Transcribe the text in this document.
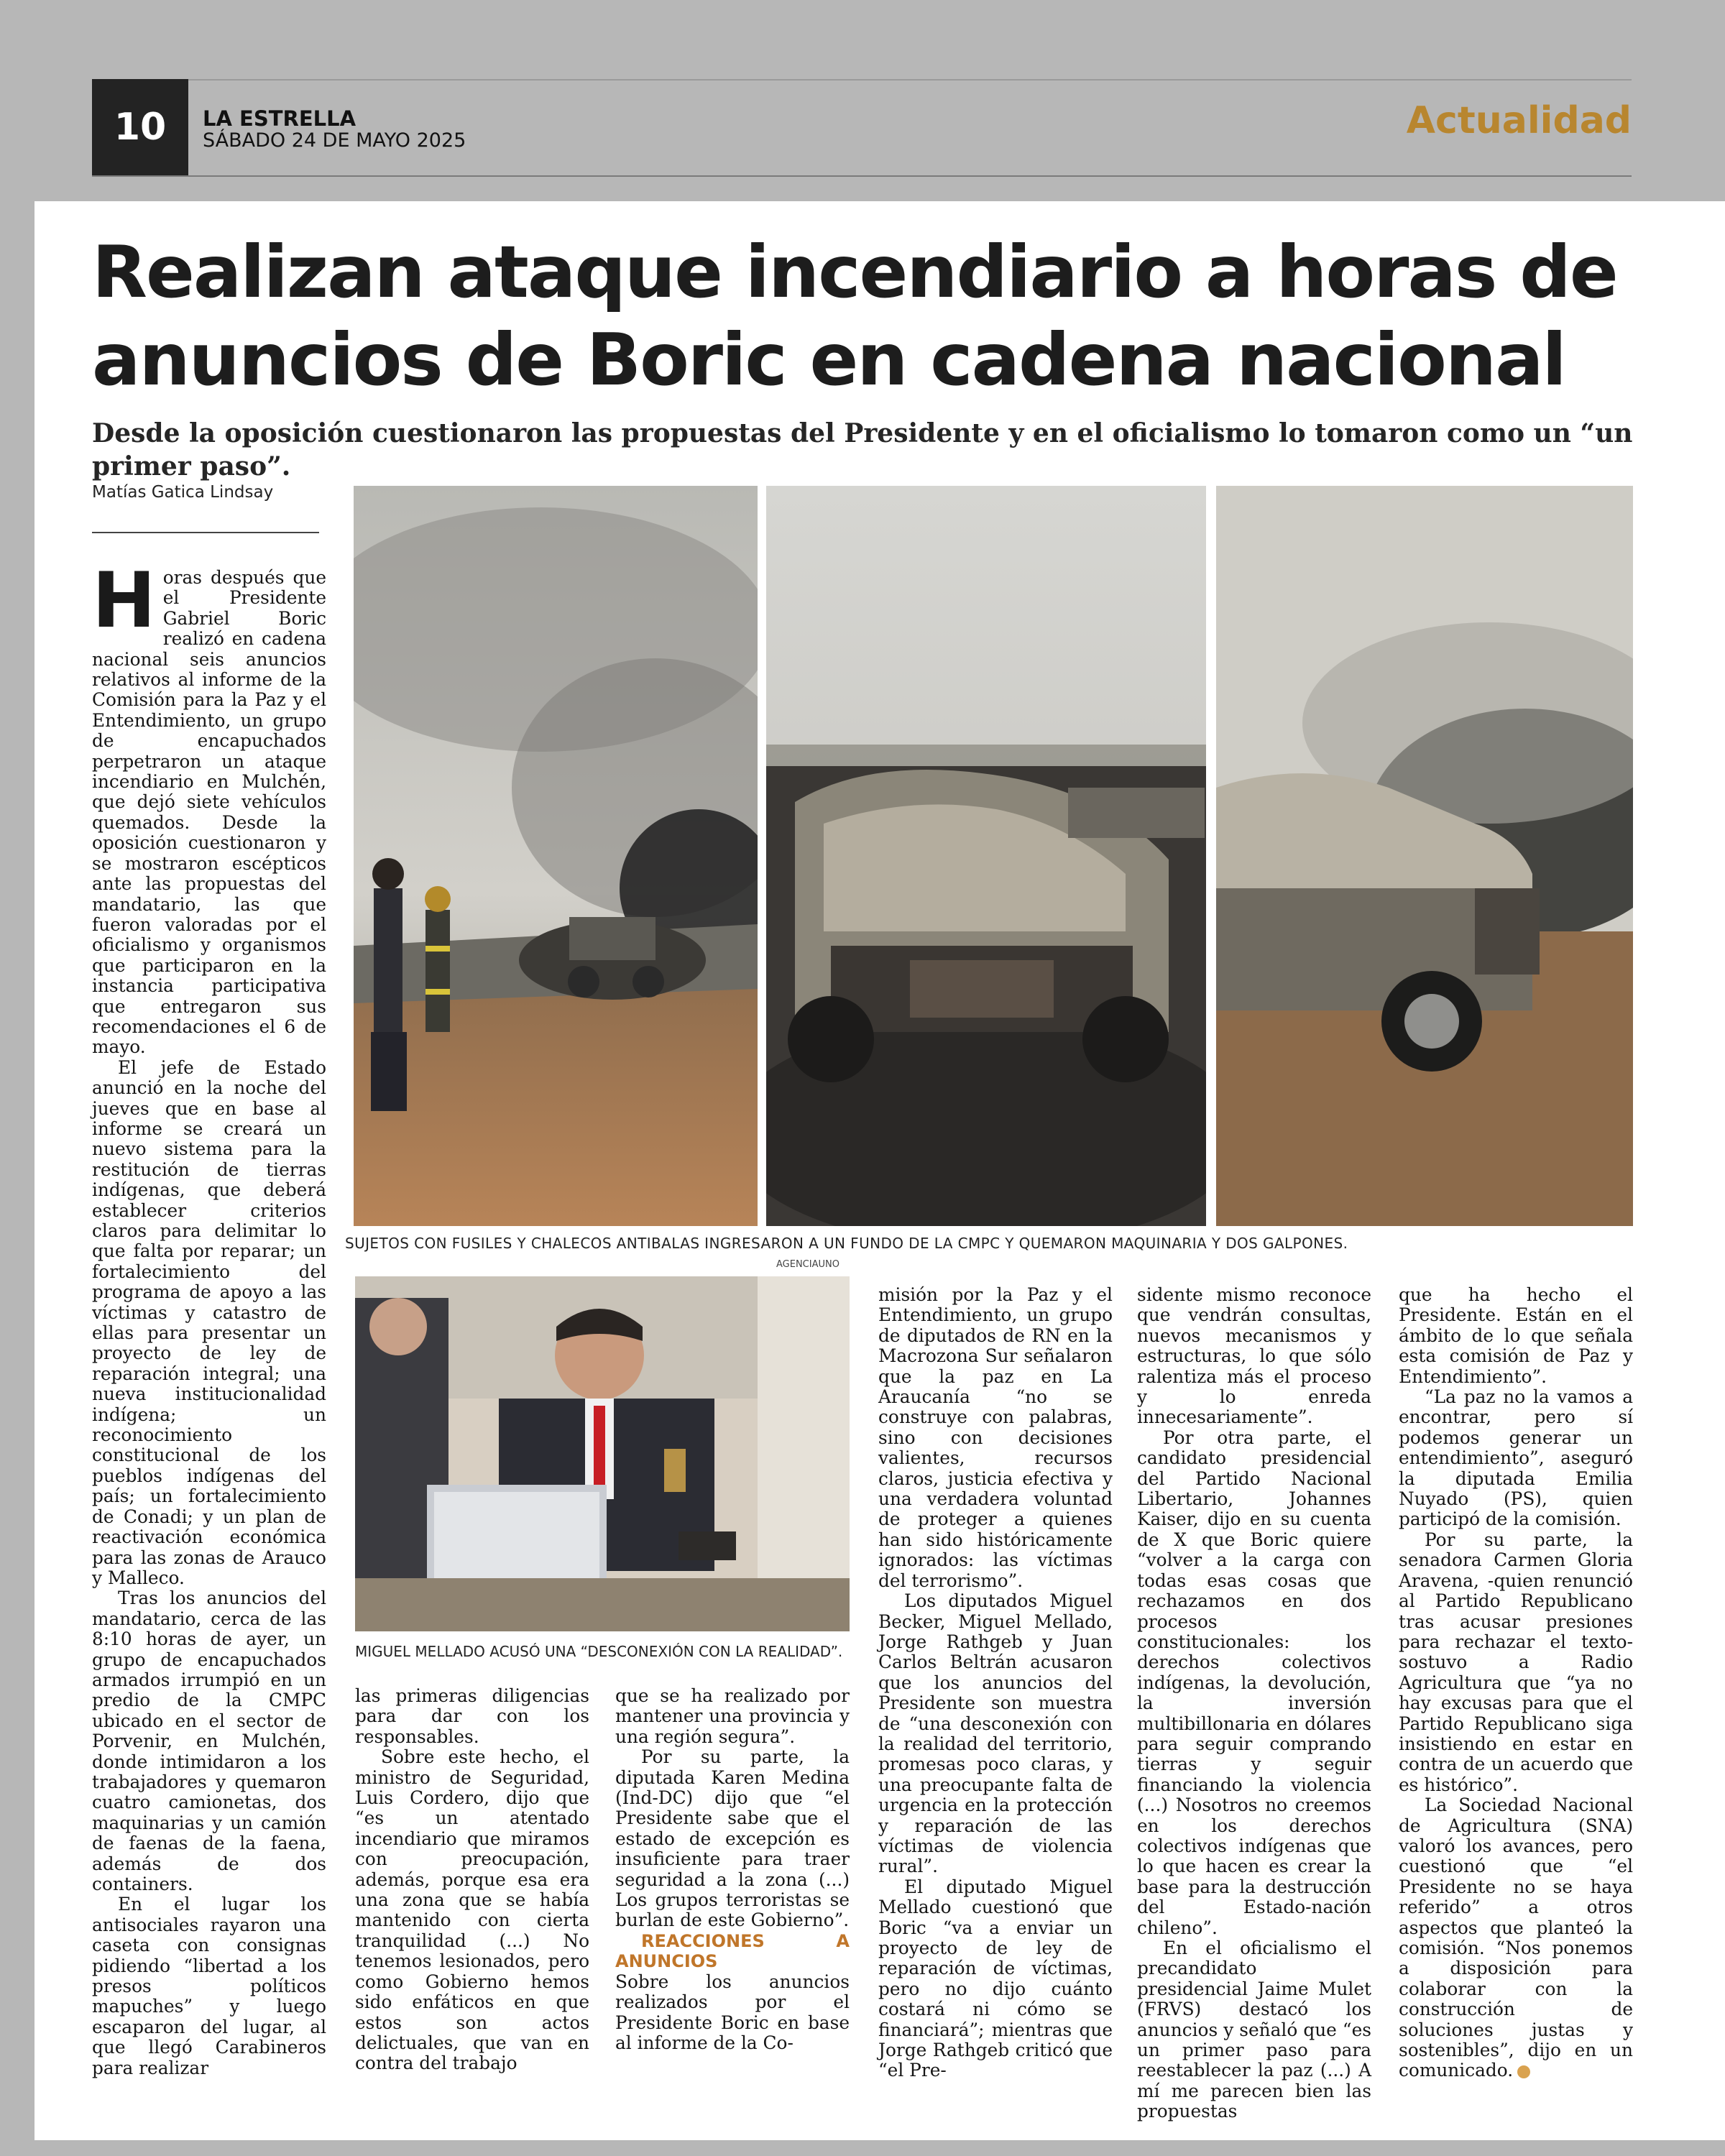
10	LA ESTRELLA
SÁBADO 24 DE MAYO 2025	Actualidad
Realizan ataque incendiario a horas de anuncios de Boric en cadena nacional
Desde la oposición cuestionaron las propuestas del Presidente y en el oficialismo lo tomaron como un “un primer paso”.
Matías Gatica Lindsay
SUJETOS CON FUSILES Y CHALECOS ANTIBALAS INGRESARON A UN FUNDO DE LA CMPC Y QUEMARON MAQUINARIA Y DOS GALPONES.
AGENCIAUNO
MIGUEL MELLADO ACUSÓ UNA “DESCONEXIÓN CON LA REALIDAD”.

Horas después que el Presidente Gabriel Boric realizó en cadena nacional seis anuncios relativos al informe de la Comisión para la Paz y el Entendimiento, un grupo de encapuchados perpetraron un ataque incendiario en Mulchén, que dejó siete vehículos quemados. Desde la oposición cuestionaron y se mostraron escépticos ante las propuestas del mandatario, las que fueron valoradas por el oficialismo y organismos que participaron en la instancia participativa que entregaron sus recomendaciones el 6 de mayo.

El jefe de Estado anunció en la noche del jueves que en base al informe se creará un nuevo sistema para la restitución de tierras indígenas, que deberá establecer criterios claros para delimitar lo que falta por reparar; un fortalecimiento del programa de apoyo a las víctimas y catastro de ellas para presentar un proyecto de ley de reparación integral; una nueva institucionalidad indígena; un reconocimiento constitucional de los pueblos indígenas del país; un fortalecimiento de Conadi; y un plan de reactivación económica para las zonas de Arauco y Malleco.

Tras los anuncios del mandatario, cerca de las 8:10 horas de ayer, un grupo de encapuchados armados irrumpió en un predio de la CMPC ubicado en el sector de Porvenir, en Mulchén, donde intimidaron a los trabajadores y quemaron cuatro camionetas, dos maquinarias y un camión de faenas de la faena, además de dos containers.

En el lugar los antisociales rayaron una caseta con consignas pidiendo “libertad a los presos políticos mapuches” y luego escaparon del lugar, al que llegó Carabineros para realizar

las primeras diligencias para dar con los responsables.

Sobre este hecho, el ministro de Seguridad, Luis Cordero, dijo que “es un atentado incendiario que miramos con preocupación, además, porque esa era una zona que se había mantenido con cierta tranquilidad (...) No tenemos lesionados, pero como Gobierno hemos sido enfáticos en que estos son actos delictuales, que van en contra del trabajo

que se ha realizado por mantener una provincia y una región segura”.

Por su parte, la diputada Karen Medina (Ind-DC) dijo que “el Presidente sabe que el estado de excepción es insuficiente para traer seguridad a la zona (...) Los grupos terroristas se burlan de este Gobierno”.

REACCIONES A ANUNCIOS

Sobre los anuncios realizados por el Presidente Boric en base al informe de la Co-

misión por la Paz y el Entendimiento, un grupo de diputados de RN en la Macrozona Sur señalaron que la paz en La Araucanía “no se construye con palabras, sino con decisiones valientes, recursos claros, justicia efectiva y una verdadera voluntad de proteger a quienes han sido históricamente ignorados: las víctimas del terrorismo”.

Los diputados Miguel Becker, Miguel Mellado, Jorge Rathgeb y Juan Carlos Beltrán acusaron que los anuncios del Presidente son muestra de “una desconexión con la realidad del territorio, promesas poco claras, y una preocupante falta de urgencia en la protección y reparación de las víctimas de violencia rural”.

El diputado Miguel Mellado cuestionó que Boric “va a enviar un proyecto de ley de reparación de víctimas, pero no dijo cuánto costará ni cómo se financiará”; mientras que Jorge Rathgeb criticó que “el Pre-

sidente mismo reconoce que vendrán consultas, nuevos mecanismos y estructuras, lo que sólo ralentiza más el proceso y lo enreda innecesariamente”.

Por otra parte, el candidato presidencial del Partido Nacional Libertario, Johannes Kaiser, dijo en su cuenta de X que Boric quiere “volver a la carga con todas esas cosas que rechazamos en dos procesos constitucionales: los derechos colectivos indígenas, la devolución, la inversión multibillonaria en dólares para seguir comprando tierras y seguir financiando la violencia (...) Nosotros no creemos en los derechos colectivos indígenas que lo que hacen es crear la base para la destrucción del Estado-nación chileno”.

En el oficialismo el precandidato presidencial Jaime Mulet (FRVS) destacó los anuncios y señaló que “es un primer paso para reestablecer la paz (...) A mí me parecen bien las propuestas

que ha hecho el Presidente. Están en el ámbito de lo que señala esta comisión de Paz y Entendimiento”.

“La paz no la vamos a encontrar, pero sí podemos generar un entendimiento”, aseguró la diputada Emilia Nuyado (PS), quien participó de la comisión.

Por su parte, la senadora Carmen Gloria Aravena, -quien renunció al Partido Republicano tras acusar presiones para rechazar el texto- sostuvo a Radio Agricultura que “ya no hay excusas para que el Partido Republicano siga insistiendo en estar en contra de un acuerdo que es histórico”.

La Sociedad Nacional de Agricultura (SNA) valoró los avances, pero cuestionó que “el Presidente no se haya referido” a otros aspectos que planteó la comisión. “Nos ponemos a disposición para colaborar con la construcción de soluciones justas y sostenibles”, dijo en un comunicado.
